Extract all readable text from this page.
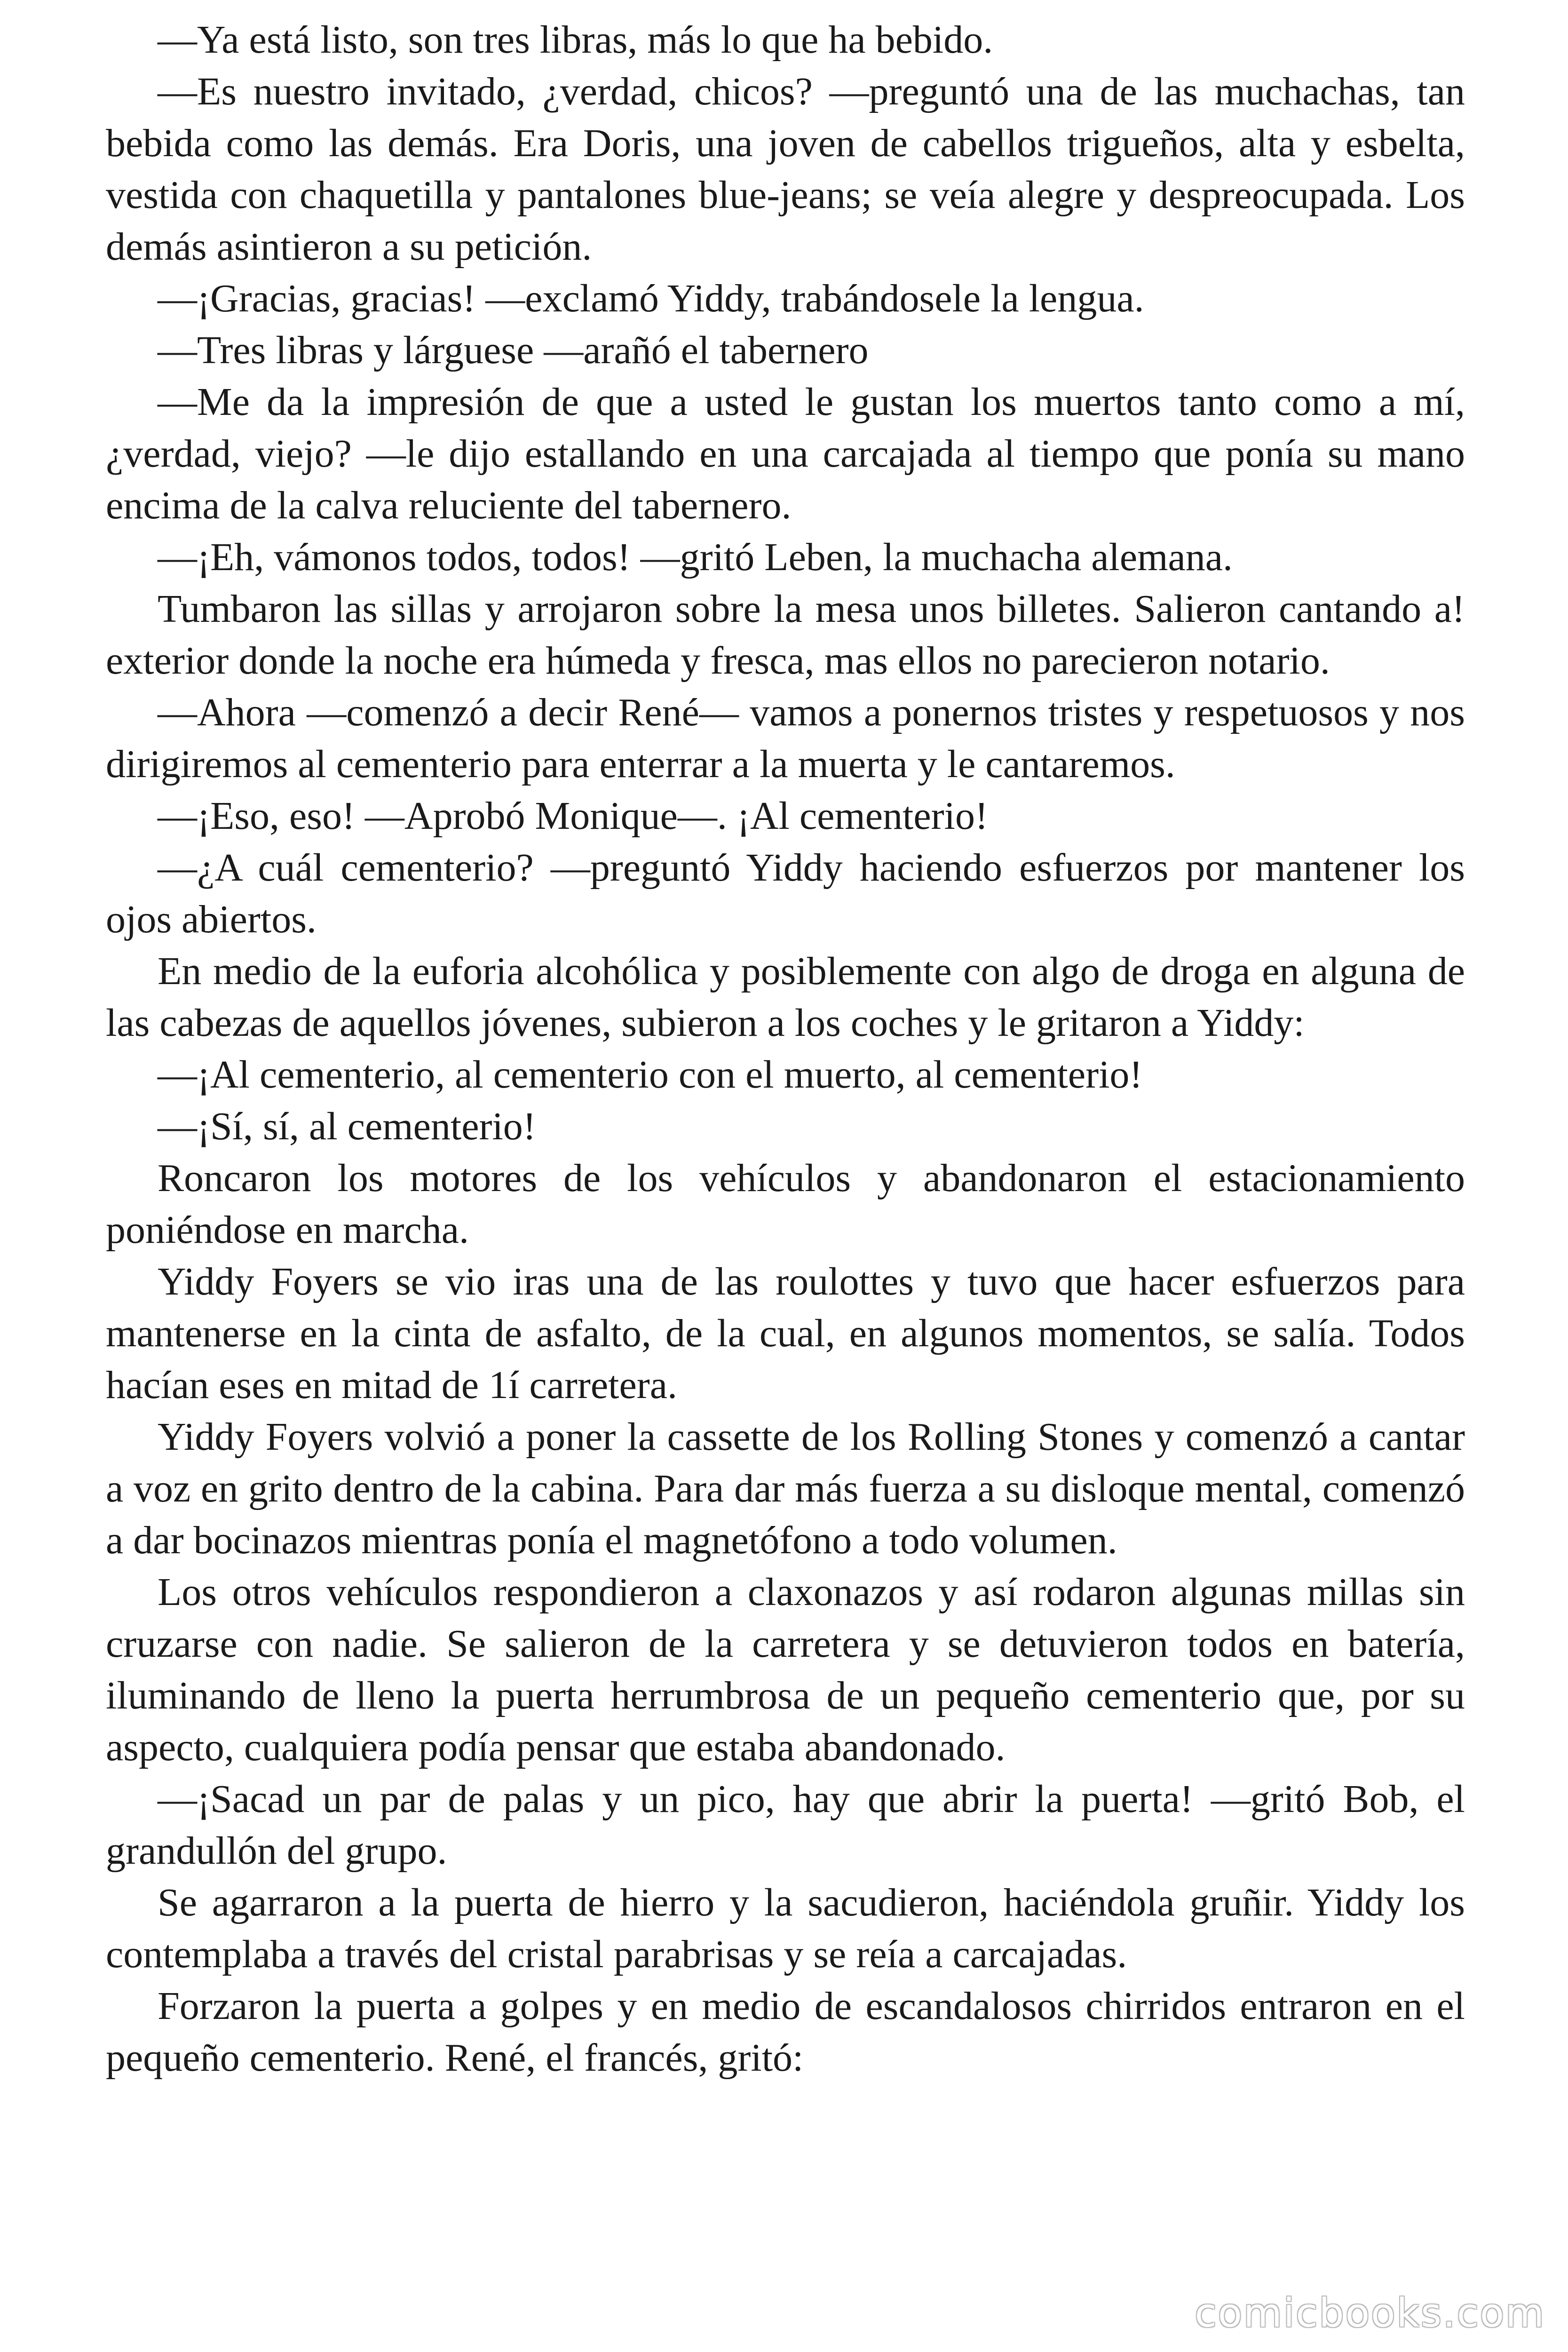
—Ya está listo, son tres libras, más lo que ha bebido.

—Es nuestro invitado, ¿verdad, chicos? —preguntó una de las muchachas, tan bebida como las demás. Era Doris, una joven de cabellos trigueños, alta y esbelta, vestida con chaquetilla y pantalones blue-jeans; se veía alegre y despreocupada. Los demás asintieron a su petición.

—¡Gracias, gracias! —exclamó Yiddy, trabándosele la lengua.

—Tres libras y lárguese —arañó el tabernero

—Me da la impresión de que a usted le gustan los muertos tanto como a mí, ¿verdad, viejo? —le dijo estallando en una carcajada al tiempo que ponía su mano encima de la calva reluciente del tabernero.

—¡Eh, vámonos todos, todos! —gritó Leben, la muchacha alemana.

Tumbaron las sillas y arrojaron sobre la mesa unos billetes. Salieron cantando a! exterior donde la noche era húmeda y fresca, mas ellos no parecieron notario.

—Ahora —comenzó a decir René— vamos a ponernos tristes y respetuosos y nos dirigiremos al cementerio para enterrar a la muerta y le cantaremos.

—¡Eso, eso! —Aprobó Monique—. ¡Al cementerio!

—¿A cuál cementerio? —preguntó Yiddy haciendo esfuerzos por mantener los ojos abiertos.

En medio de la euforia alcohólica y posiblemente con algo de droga en alguna de las cabezas de aquellos jóvenes, subieron a los coches y le gritaron a Yiddy:

—¡Al cementerio, al cementerio con el muerto, al cementerio!

—¡Sí, sí, al cementerio!

Roncaron los motores de los vehículos y abandonaron el estacionamiento poniéndose en marcha.

Yiddy Foyers se vio iras una de las roulottes y tuvo que hacer esfuerzos para mantenerse en la cinta de asfalto, de la cual, en algunos momentos, se salía. Todos hacían eses en mitad de 1í carretera.

Yiddy Foyers volvió a poner la cassette de los Rolling Stones y comenzó a cantar a voz en grito dentro de la cabina. Para dar más fuerza a su disloque mental, comenzó a dar bocinazos mientras ponía el magnetófono a todo volumen.

Los otros vehículos respondieron a claxonazos y así rodaron algunas millas sin cruzarse con nadie. Se salieron de la carretera y se detuvieron todos en batería, iluminando de lleno la puerta herrumbrosa de un pequeño cementerio que, por su aspecto, cualquiera podía pensar que estaba abandonado.

—¡Sacad un par de palas y un pico, hay que abrir la puerta! —gritó Bob, el grandullón del grupo.

Se agarraron a la puerta de hierro y la sacudieron, haciéndola gruñir. Yiddy los contemplaba a través del cristal parabrisas y se reía a carcajadas.

Forzaron la puerta a golpes y en medio de escandalosos chirridos entraron en el pequeño cementerio. René, el francés, gritó:

comicbooks.com
